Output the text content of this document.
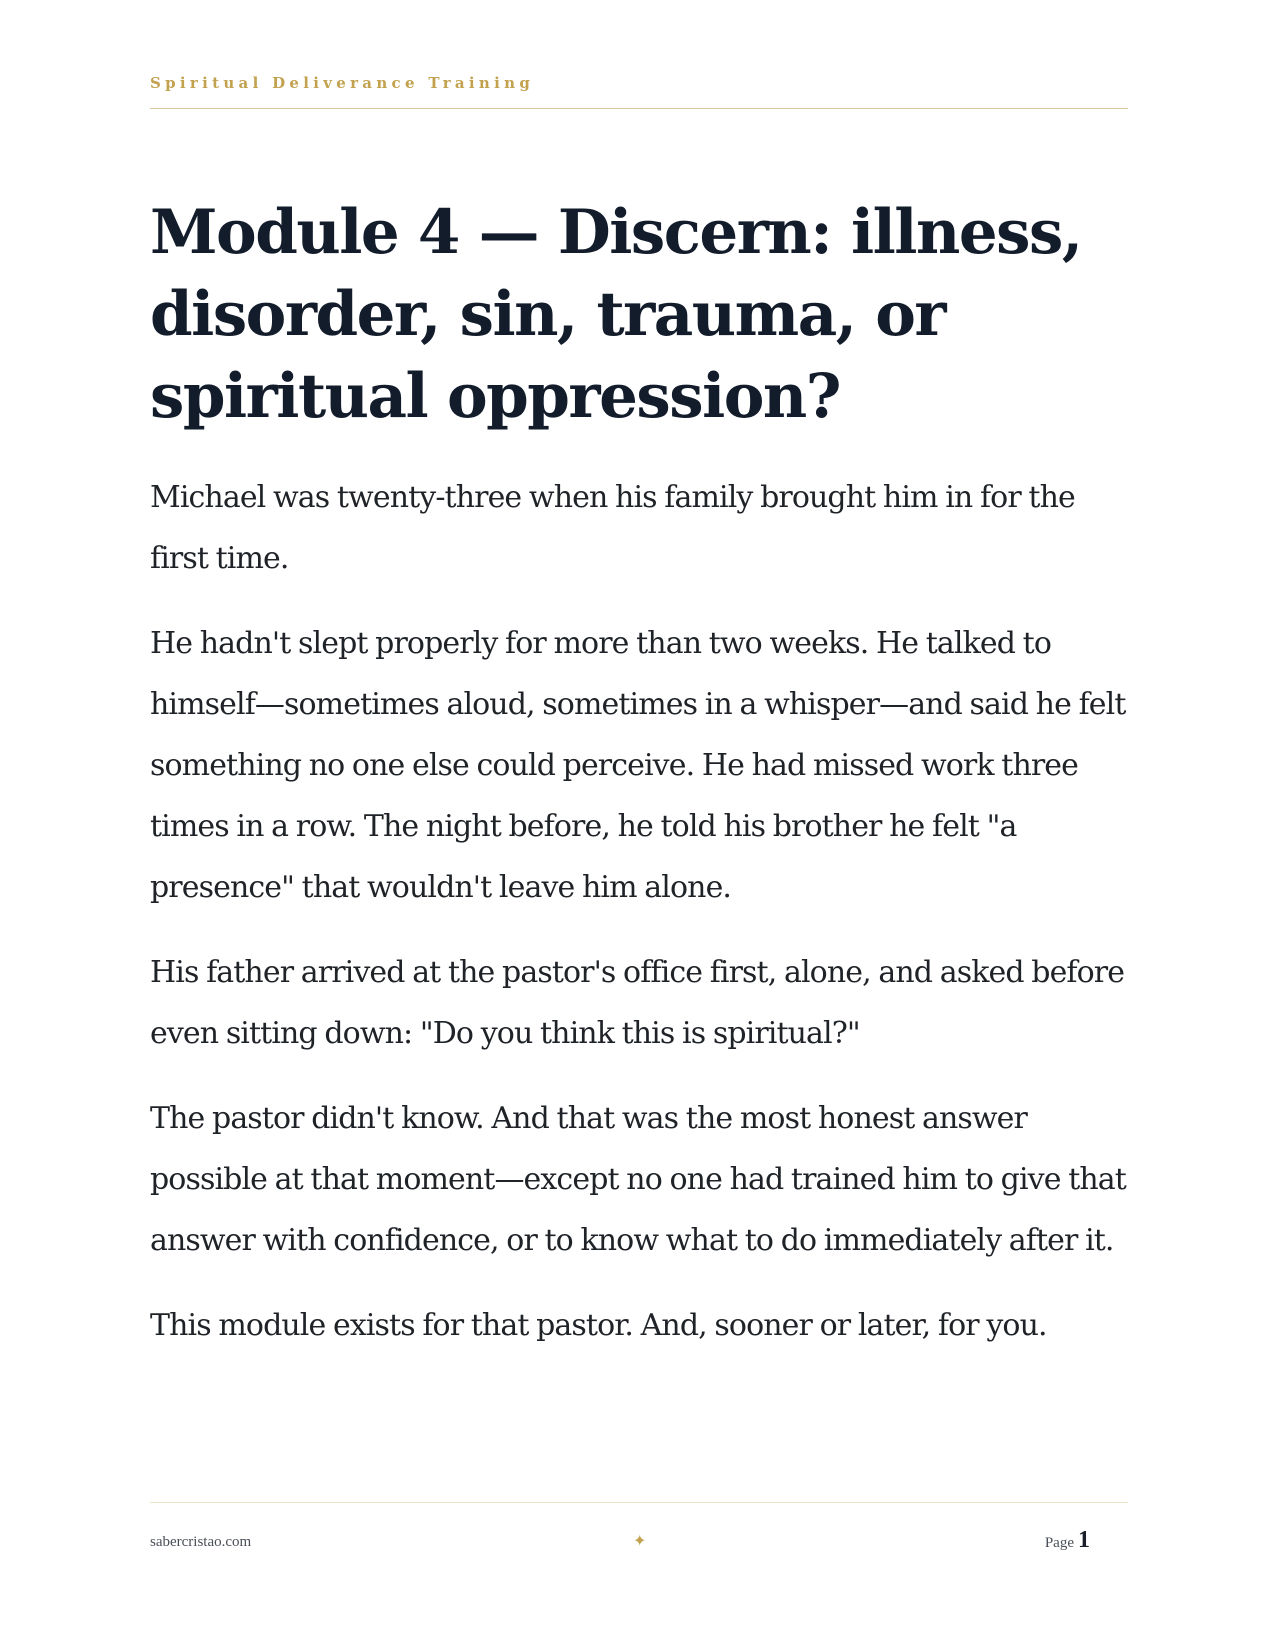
Spiritual Deliverance Training
Module 4 — Discern: illness, disorder, sin, trauma, or spiritual oppression?

Michael was twenty-three when his family brought him in for the first time.

He hadn't slept properly for more than two weeks. He talked to himself—sometimes aloud, sometimes in a whisper—and said he felt something no one else could perceive. He had missed work three times in a row. The night before, he told his brother he felt "a presence" that wouldn't leave him alone.

His father arrived at the pastor's office first, alone, and asked before even sitting down: "Do you think this is spiritual?"

The pastor didn't know. And that was the most honest answer possible at that moment—except no one had trained him to give that answer with confidence, or to know what to do immediately after it.

This module exists for that pastor. And, sooner or later, for you.

sabercristao.com	✦	Page 1
